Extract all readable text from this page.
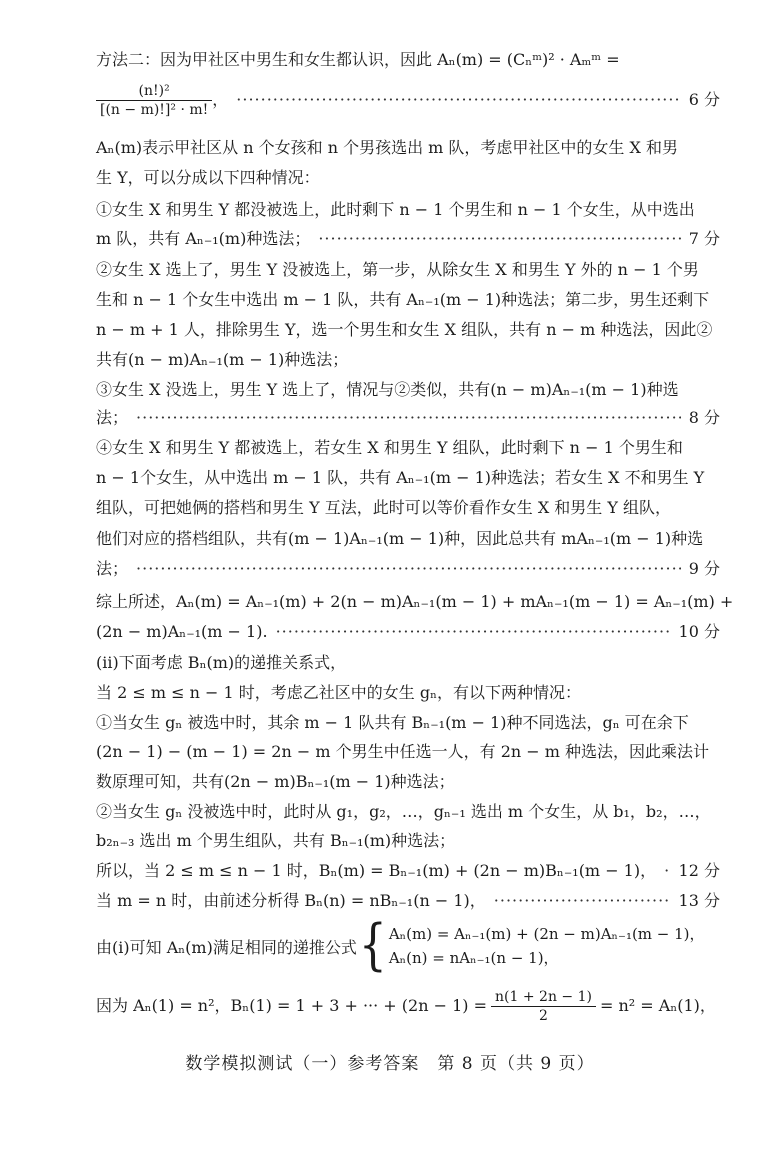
方法二：因为甲社区中男生和女生都认识，因此 Aₙ(m) = (Cₙᵐ)² · Aₘᵐ =
$\frac{\text{(n!)²}}{\text{[(n − m)!]² · m!}}$ ， ·····	6 分
Aₙ(m)表示甲社区从 n 个女孩和 n 个男孩选出 m 队，考虑甲社区中的女生 X 和男
生 Y，可以分成以下四种情况：
①女生 X 和男生 Y 都没被选上，此时剩下 n − 1 个男生和 n − 1 个女生，从中选出
m 队，共有 Aₙ₋₁(m)种选法； ·····	7 分
②女生 X 选上了，男生 Y 没被选上，第一步，从除女生 X 和男生 Y 外的 n − 1 个男
生和 n − 1 个女生中选出 m − 1 队，共有 Aₙ₋₁(m − 1)种选法；第二步，男生还剩下
n − m + 1 人，排除男生 Y，选一个男生和女生 X 组队，共有 n − m 种选法，因此②
共有(n − m)Aₙ₋₁(m − 1)种选法；
③女生 X 没选上，男生 Y 选上了，情况与②类似，共有(n − m)Aₙ₋₁(m − 1)种选
法； ·····	8 分
④女生 X 和男生 Y 都被选上，若女生 X 和男生 Y 组队，此时剩下 n − 1 个男生和
n − 1个女生，从中选出 m − 1 队，共有 Aₙ₋₁(m − 1)种选法；若女生 X 不和男生 Y
组队，可把她俩的搭档和男生 Y 互法，此时可以等价看作女生 X 和男生 Y 组队，
他们对应的搭档组队，共有(m − 1)Aₙ₋₁(m − 1)种，因此总共有 mAₙ₋₁(m − 1)种选
法； ·····	9 分
综上所述，Aₙ(m) = Aₙ₋₁(m) + 2(n − m)Aₙ₋₁(m − 1) + mAₙ₋₁(m − 1) = Aₙ₋₁(m) +
(2n − m)Aₙ₋₁(m − 1). ·····	10 分
(ii)下面考虑 Bₙ(m)的递推关系式，
当 2 ≤ m ≤ n − 1 时，考虑乙社区中的女生 gₙ，有以下两种情况：
①当女生 gₙ 被选中时，其余 m − 1 队共有 Bₙ₋₁(m − 1)种不同选法，gₙ 可在余下
(2n − 1) − (m − 1) = 2n − m 个男生中任选一人，有 2n − m 种选法，因此乘法计
数原理可知，共有(2n − m)Bₙ₋₁(m − 1)种选法；
②当女生 gₙ 没被选中时，此时从 g₁，g₂，…，gₙ₋₁ 选出 m 个女生，从 b₁，b₂，…，
b₂ₙ₋₃ 选出 m 个男生组队，共有 Bₙ₋₁(m)种选法；
所以，当 2 ≤ m ≤ n − 1 时，Bₙ(m) = Bₙ₋₁(m) + (2n − m)Bₙ₋₁(m − 1)， ····· 12 分
当 m = n 时，由前述分析得 Bₙ(n) = nBₙ₋₁(n − 1)， ·····	13 分
由(i)可知 Aₙ(m)满足相同的递推公式 { Aₙ(m) = Aₙ₋₁(m) + (2n − m)Aₙ₋₁(m − 1)，
Aₙ(n) = nAₙ₋₁(n − 1)，
因为 Aₙ(1) = n²，Bₙ(1) = 1 + 3 + ··· + $(2n - 1) = \frac{n(1 + 2n - 1)}{2} = n^2 = A_n(1)$，
数学模拟测试（一）参考答案　第 8 页（共 9 页）
